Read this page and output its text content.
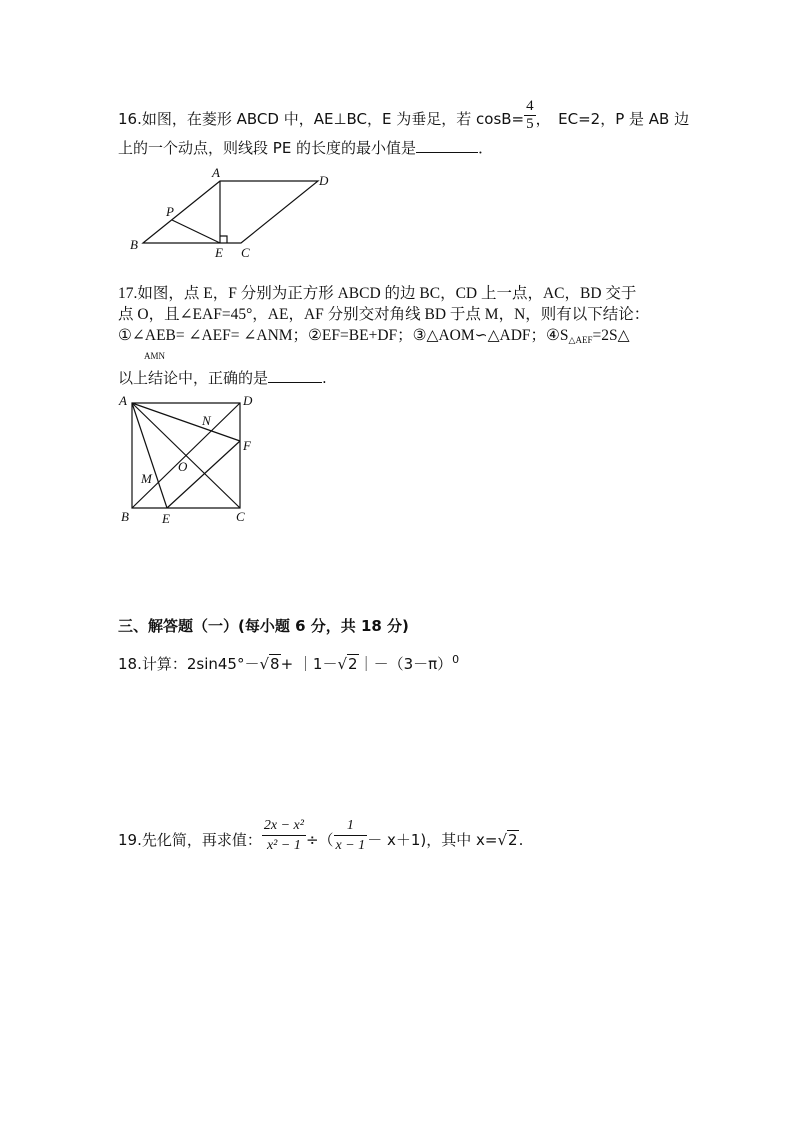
16.如图，在菱形 ABCD 中，AE⊥BC，E 为垂足，若 $\cos B= \frac{4}{5}$ ，　EC=2，P 是 AB 边
上的一个动点，则线段 PE 的长度的最小值是	．
A
D
P
B
E C
17.如图，点 E，F 分别为正方形 ABCD 的边 BC，CD 上一点，AC，BD 交于
点 O，且∠EAF=45°，AE，AF 分别交对角线 BD 于点 M，N，则有以下结论：
①∠AEB= ∠AEF= ∠ANM；②EF=BE+DF；③△AOM∽△ADF；$④S_{\triangle AEF}=2S\triangle$
AMN
以上结论中，正确的是	.
A	D
N
F
O
M
B	E	C
三、解答题（一）(每小题 6 分，共 18 分)
18.计算：$2\sin 45^\circ-√8+ |1-√2|-(3-\pi)^0$
19.先化简，再求值： $\frac{\text{2x − x²}}{\text{x² − 1}}$ ÷（ $\frac{1}{x - 1} - x+1$)，其中 x=√2.
